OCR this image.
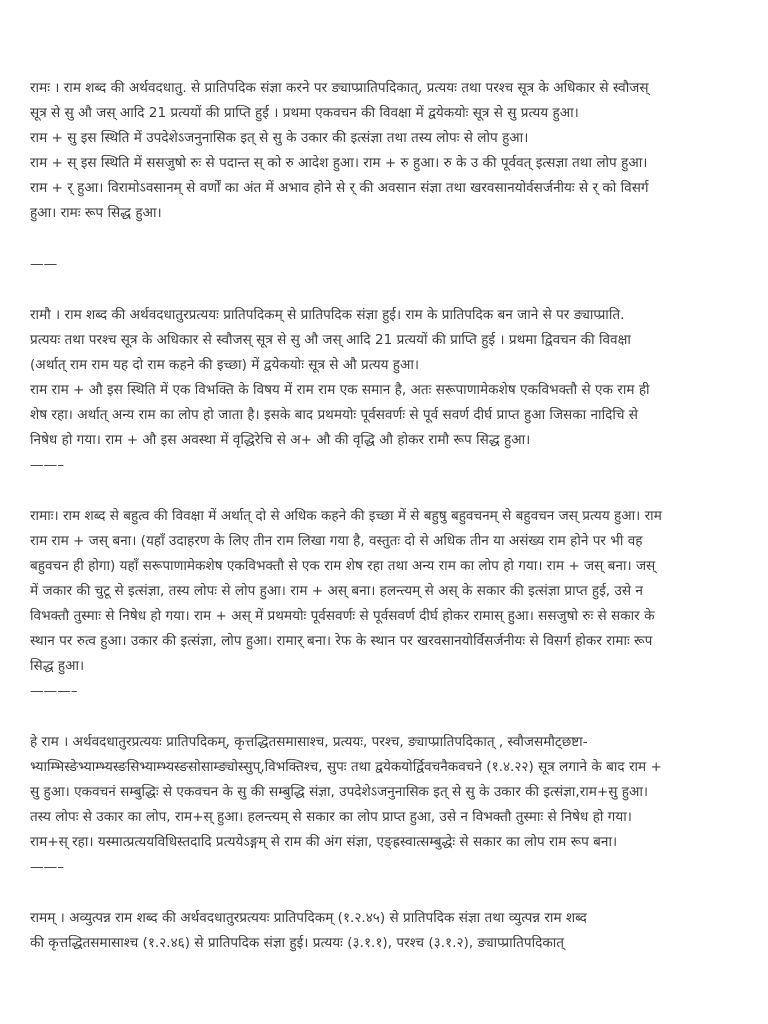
रामः । राम शब्द की अर्थवदधातु. से प्रातिपदिक संज्ञा करने पर ङ्याप्प्रातिपदिकात्, प्रत्ययः तथा परश्च सूत्र के अधिकार से स्वौजस्
सूत्र से सु औ जस् आदि 21 प्रत्ययों की प्राप्ति हुई । प्रथमा एकवचन की विवक्षा में द्वयेकयोः सूत्र से सु प्रत्यय हुआ।
राम + सु इस स्थिति में उपदेशेऽजनुनासिक इत् से सु के उकार की इत्संज्ञा तथा तस्य लोपः से लोप हुआ।
राम + स् इस स्थिति में ससजुषो रुः से पदान्त स् को रु आदेश हुआ। राम + रु हुआ। रु के उ की पूर्ववत् इत्सज्ञा तथा लोप हुआ।
राम + र् हुआ। विरामोऽवसानम् से वर्णों का अंत में अभाव होने से र् की अवसान संज्ञा तथा खरवसानयोर्वसर्जनीयः से र् को विसर्ग
हुआ। रामः रूप सिद्ध हुआ।
——
रामौ । राम शब्द की अर्थवदधातुरप्रत्ययः प्रातिपदिकम् से प्रातिपदिक संज्ञा हुई। राम के प्रातिपदिक बन जाने से पर ङ्याप्प्राति.
प्रत्ययः तथा परश्च सूत्र के अधिकार से स्वौजस् सूत्र से सु औ जस् आदि 21 प्रत्ययों की प्राप्ति हुई । प्रथमा द्विवचन की विवक्षा
(अर्थात् राम राम यह दो राम कहने की इच्छा) में द्वयेकयोः सूत्र से औ प्रत्यय हुआ।
राम राम + औ इस स्थिति में एक विभक्ति के विषय में राम राम एक समान है, अतः सरूपाणामेकशेष एकविभक्तौ से एक राम ही
शेष रहा। अर्थात् अन्य राम का लोप हो जाता है। इसके बाद प्रथमयोः पूर्वसवर्णः से पूर्व सवर्ण दीर्घ प्राप्त हुआ जिसका नादिचि से
निषेध हो गया। राम + औ इस अवस्था में वृद्धिरेचि से अ+ औ की वृद्धि औ होकर रामौ रूप सिद्ध हुआ।
——–
रामाः। राम शब्द से बहुत्व की विवक्षा में अर्थात् दो से अधिक कहने की इच्छा में से बहुषु बहुवचनम् से बहुवचन जस् प्रत्यय हुआ। राम
राम राम + जस् बना। (यहाँ उदाहरण के लिए तीन राम लिखा गया है, वस्तुतः दो से अधिक तीन या असंख्य राम होने पर भी वह
बहुवचन ही होगा) यहाँ सरूपाणामेकशेष एकविभक्तौ से एक राम शेष रहा तथा अन्य राम का लोप हो गया। राम + जस् बना। जस्
में जकार की चुटू से इत्संज्ञा, तस्य लोपः से लोप हुआ। राम + अस् बना। हलन्त्यम् से अस् के सकार की इत्संज्ञा प्राप्त हुई, उसे न
विभक्तौ तुस्माः से निषेध हो गया। राम + अस् में प्रथमयोः पूर्वसवर्णः से पूर्वसवर्ण दीर्घ होकर रामास् हुआ। ससजुषो रुः से सकार के
स्थान पर रुत्व हुआ। उकार की इत्संज्ञा, लोप हुआ। रामार् बना। रेफ के स्थान पर खरवसानयोर्विसर्जनीयः से विसर्ग होकर रामाः रूप
सिद्ध हुआ।
———–
हे राम । अर्थवदधातुरप्रत्ययः प्रातिपदिकम्, कृत्तद्धितसमासाश्च, प्रत्ययः, परश्च, ङ्याप्प्रातिपदिकात् , स्वौजसमौट्छष्टा-
भ्याम्भिस्ङेभ्याम्भ्यस्ङसिभ्याम्भ्यस्ङसोसाम्ङ्योस्सुप्,विभक्तिश्च, सुपः तथा द्वयेकयोर्द्विवचनैकवचने (१.४.२२) सूत्र लगाने के बाद राम +
सु हुआ। एकवचनं सम्बुद्धिः से एकवचन के सु की सम्बुद्धि संज्ञा, उपदेशेऽजनुनासिक इत् से सु के उकार की इत्संज्ञा,राम+सु हुआ।
तस्य लोपः से उकार का लोप, राम+स् हुआ। हलन्त्यम् से सकार का लोप प्राप्त हुआ, उसे न विभक्तौ तुस्माः से निषेध हो गया।
राम+स् रहा। यस्मात्प्रत्ययविधिस्तदादि प्रत्ययेऽङ्गम् से राम की अंग संज्ञा, एङ्ह्रस्वात्सम्बुद्धेः से सकार का लोप राम रूप बना।
——–
रामम् । अव्युत्पन्न राम शब्द की अर्थवदधातुरप्रत्ययः प्रातिपदिकम् (१.२.४५) से प्रातिपदिक संज्ञा तथा व्युत्पन्न राम शब्द
की कृत्तद्धितसमासाश्च (१.२.४६) से प्रातिपदिक संज्ञा हुई। प्रत्ययः (३.१.१), परश्च (३.१.२), ङ्याप्प्रातिपदिकात्
